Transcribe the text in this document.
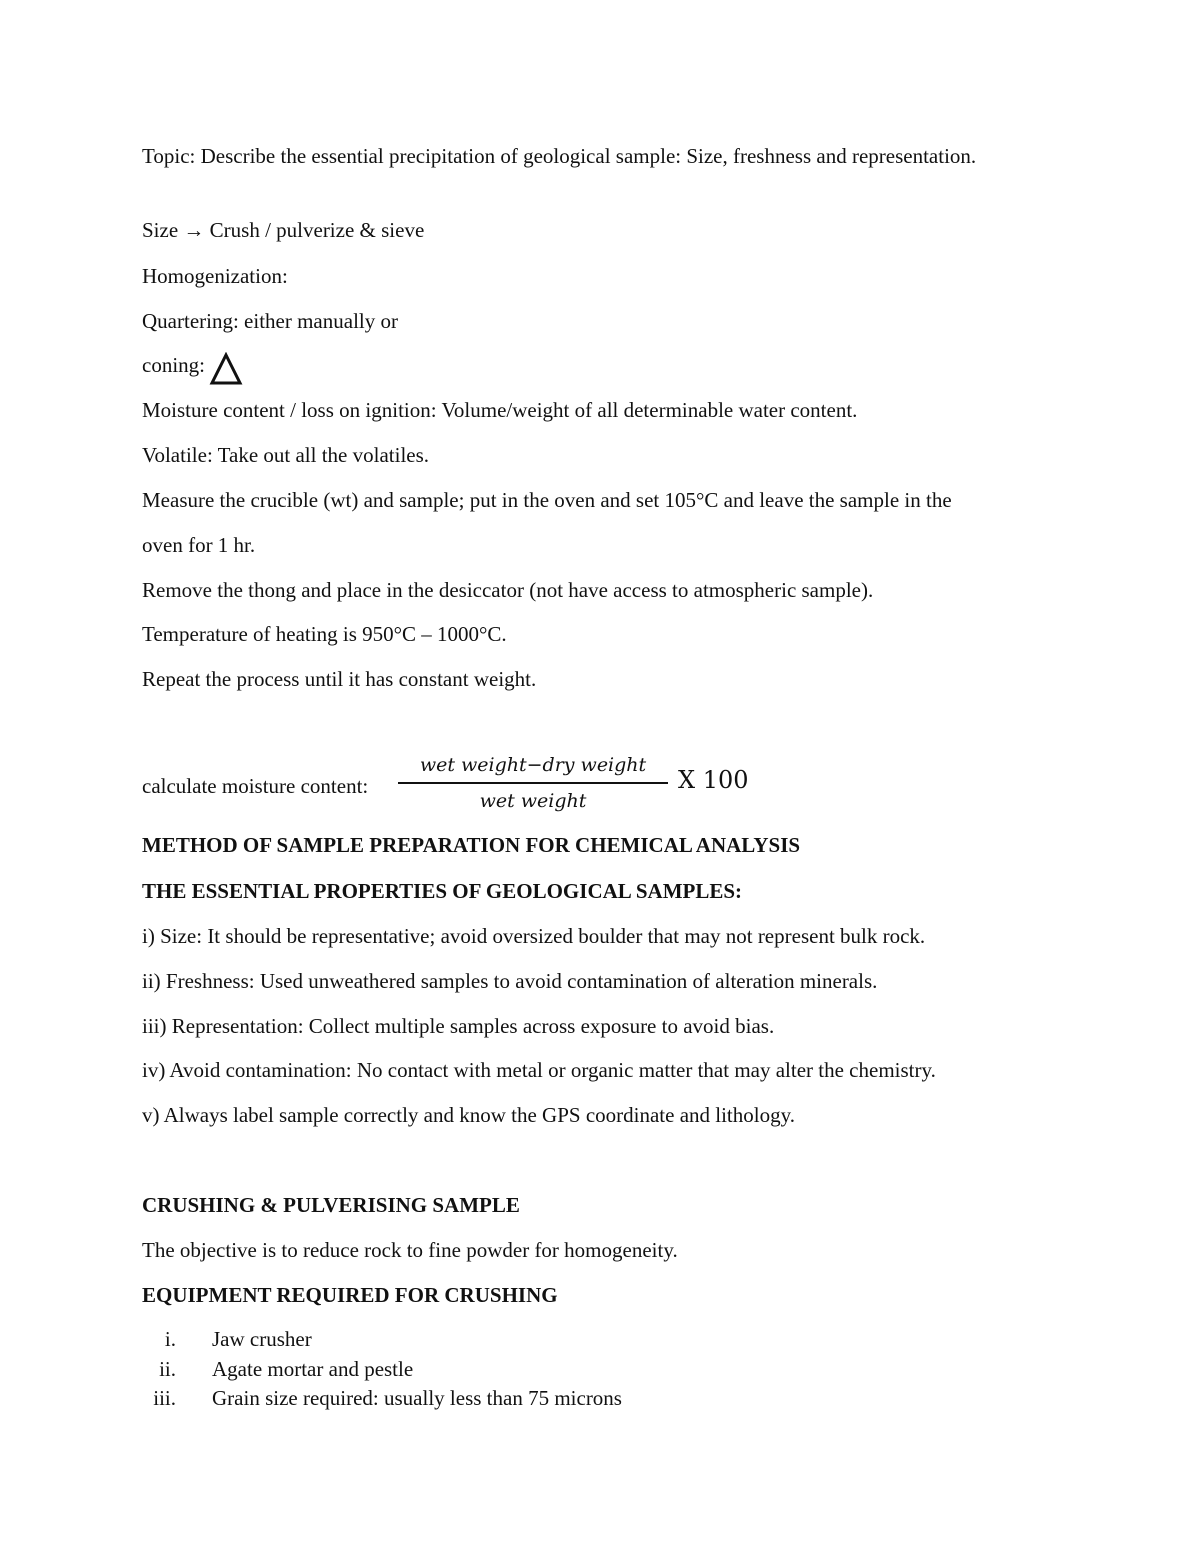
Topic: Describe the essential precipitation of geological sample: Size, freshness and representation.
Size → Crush / pulverize & sieve
Homogenization:
Quartering: either manually or
coning:
Moisture content / loss on ignition: Volume/weight of all determinable water content.
Volatile: Take out all the volatiles.
Measure the crucible (wt) and sample; put in the oven and set 105°C and leave the sample in the
oven for 1 hr.
Remove the thong and place in the desiccator (not have access to atmospheric sample).
Temperature of heating is 950°C – 1000°C.
Repeat the process until it has constant weight.
calculate moisture content:
wet weight−dry weight
wet weight
X 100
METHOD OF SAMPLE PREPARATION FOR CHEMICAL ANALYSIS
THE ESSENTIAL PROPERTIES OF GEOLOGICAL SAMPLES:
i) Size: It should be representative; avoid oversized boulder that may not represent bulk rock.
ii) Freshness: Used unweathered samples to avoid contamination of alteration minerals.
iii) Representation: Collect multiple samples across exposure to avoid bias.
iv) Avoid contamination: No contact with metal or organic matter that may alter the chemistry.
v) Always label sample correctly and know the GPS coordinate and lithology.
CRUSHING & PULVERISING SAMPLE
The objective is to reduce rock to fine powder for homogeneity.
EQUIPMENT REQUIRED FOR CRUSHING
i. Jaw crusher
ii. Agate mortar and pestle
iii. Grain size required: usually less than 75 microns
